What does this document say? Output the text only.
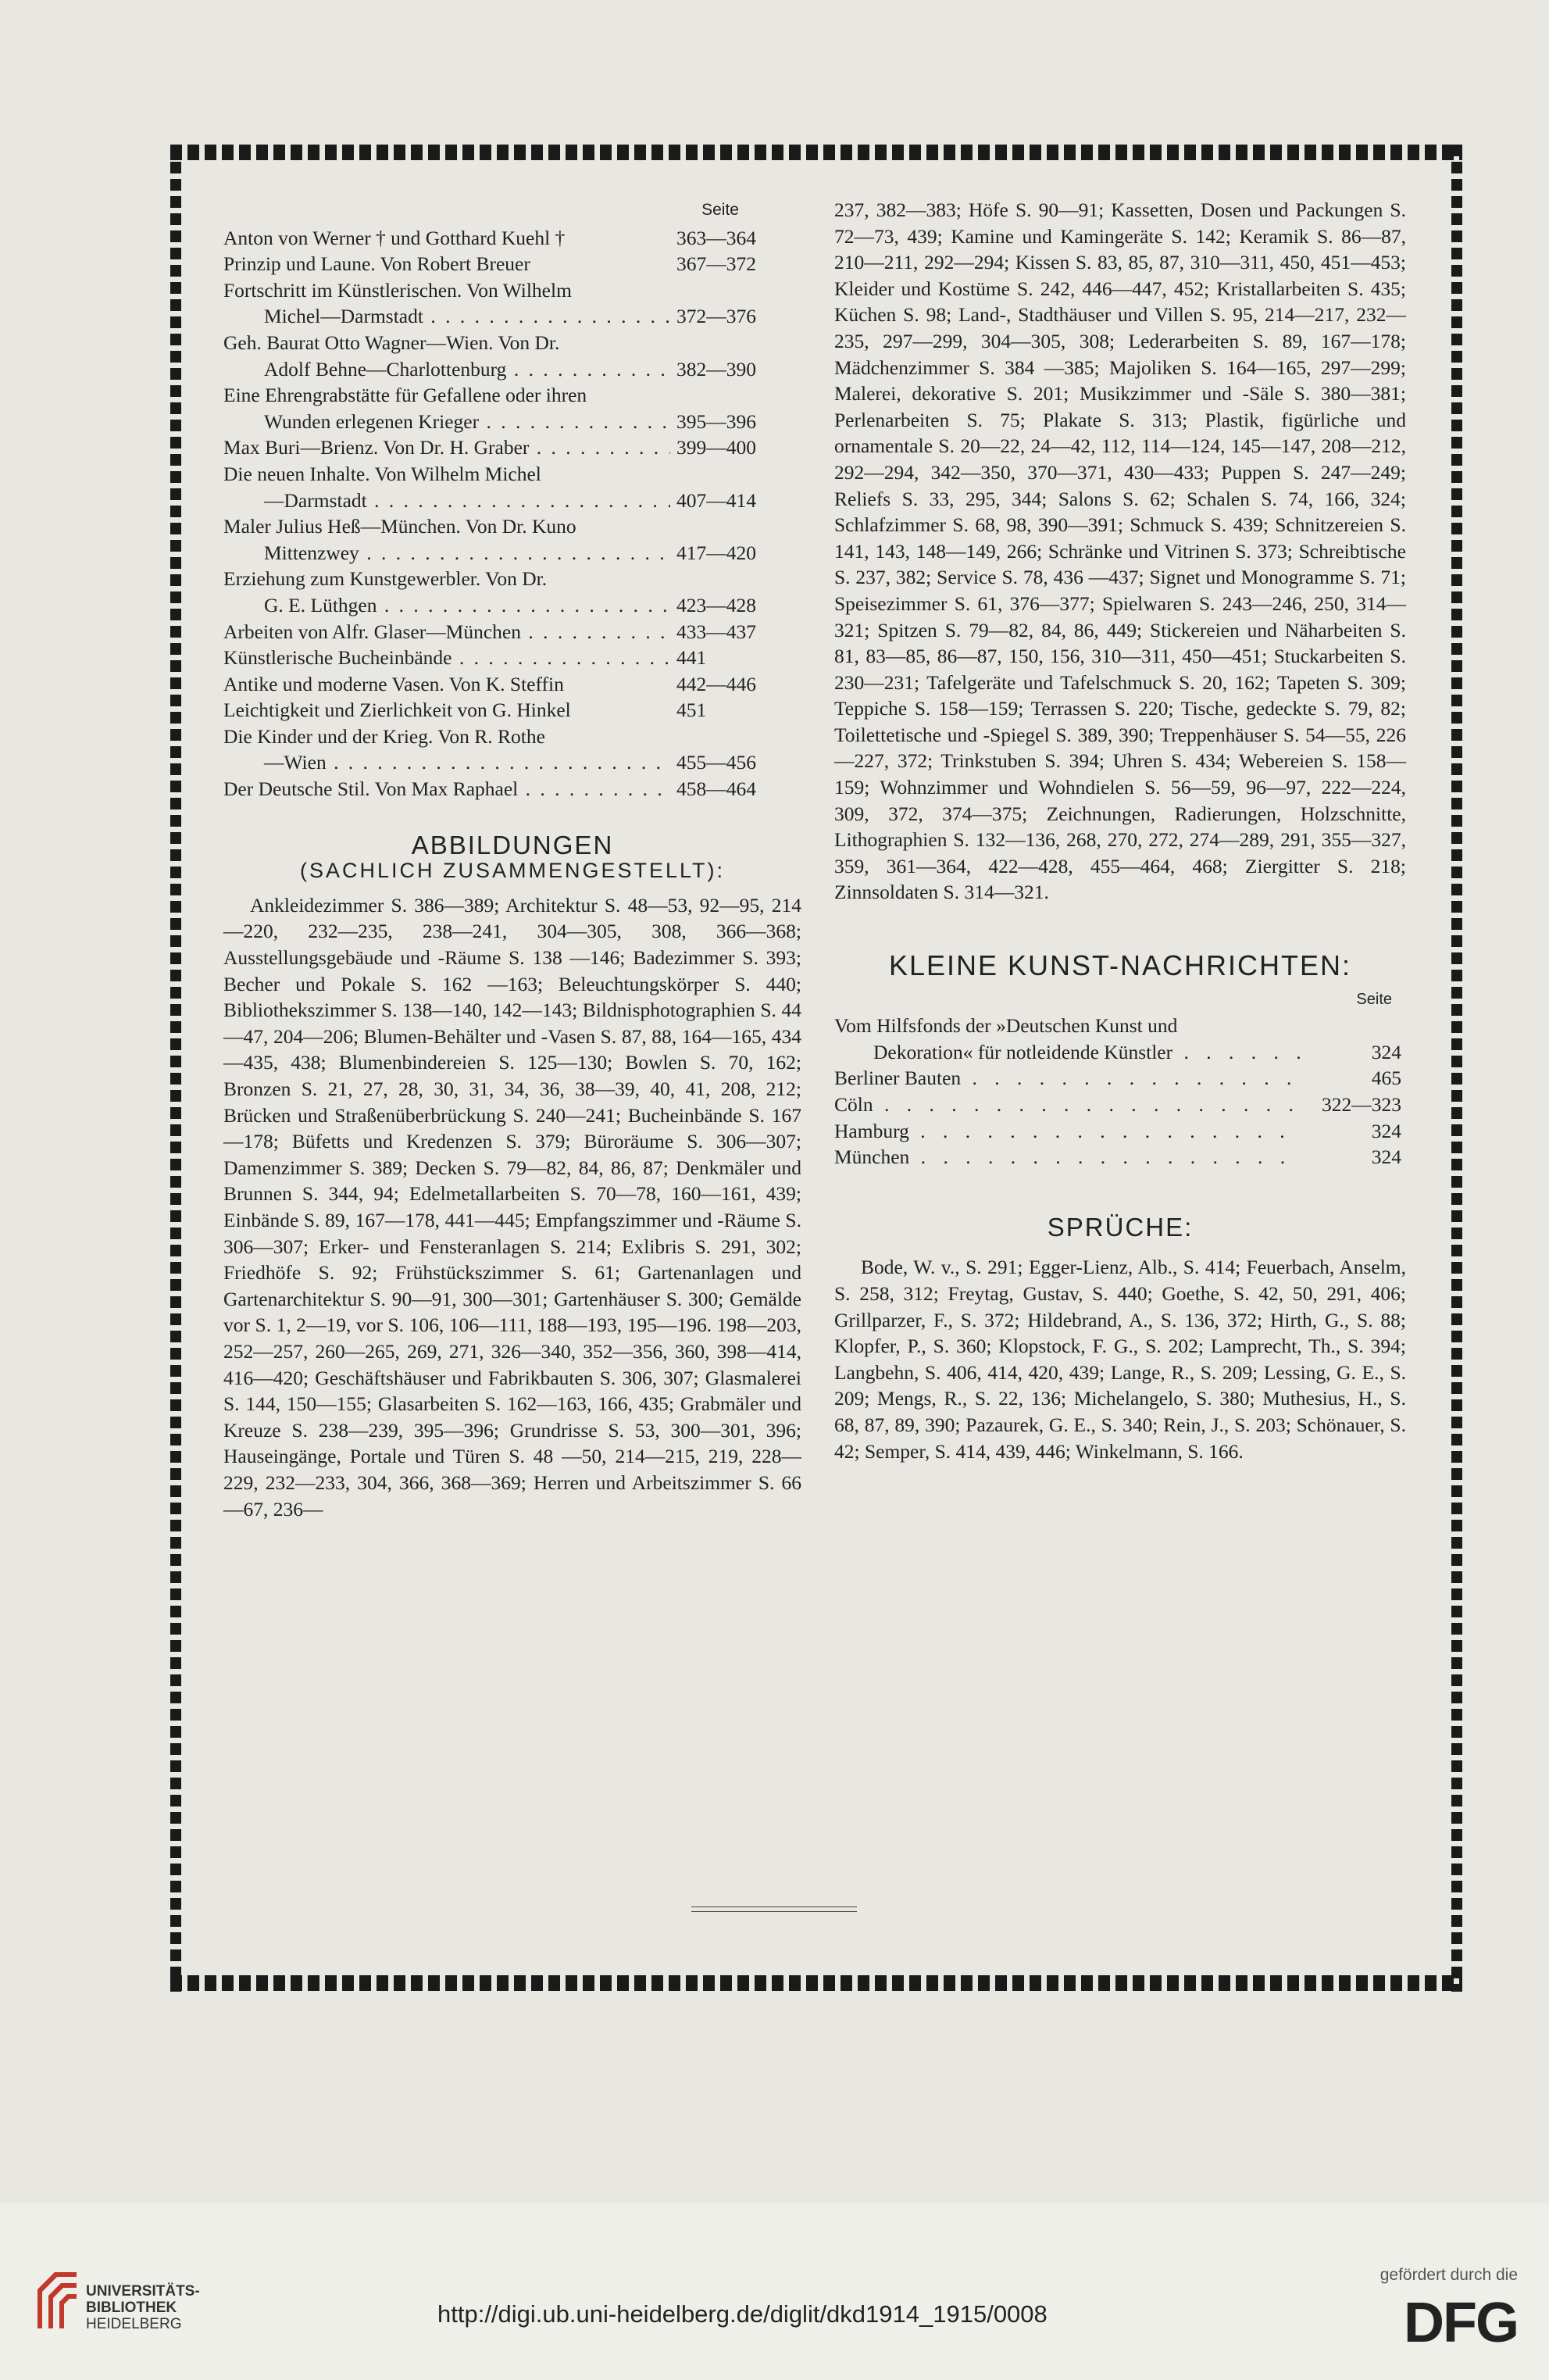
Seite
Anton von Werner † und Gotthard Kuehl †	363—364
Prinzip und Laune. Von Robert Breuer	367—372
Fortschritt im Künstlerischen. Von Wilhelm
Michel—Darmstadt . . .	372—376
Geh. Baurat Otto Wagner—Wien. Von Dr.
Adolf Behne—Charlottenburg . . .	382—390
Eine Ehrengrabstätte für Gefallene oder ihren
Wunden erlegenen Krieger . . .	395—396
Max Buri—Brienz. Von Dr. H. Graber . . .	399—400
Die neuen Inhalte. Von Wilhelm Michel
—Darmstadt . . .	407—414
Maler Julius Heß—München. Von Dr. Kuno
Mittenzwey . . .	417—420
Erziehung zum Kunstgewerbler. Von Dr.
G. E. Lüthgen . . .	423—428
Arbeiten von Alfr. Glaser—München . . .	433—437
Künstlerische Bucheinbände . . .	441
Antike und moderne Vasen. Von K. Steffin	442—446
Leichtigkeit und Zierlichkeit von G. Hinkel	451
Die Kinder und der Krieg. Von R. Rothe
—Wien . . .	455—456
Der Deutsche Stil. Von Max Raphael . . .	458—464
ABBILDUNGEN
(SACHLICH ZUSAMMENGESTELLT):

Ankleidezimmer S. 386—389; Architektur S. 48—53, 92—95, 214—220, 232—235, 238—241, 304—305, 308, 366—368; Ausstellungsgebäude und -Räume S. 138 —146; Badezimmer S. 393; Becher und Pokale S. 162 —163; Beleuchtungskörper S. 440; Bibliothekszimmer S. 138—140, 142—143; Bildnisphotographien S. 44—47, 204—206; Blumen-Behälter und -Vasen S. 87, 88, 164—165, 434—435, 438; Blumenbindereien S. 125—130; Bowlen S. 70, 162; Bronzen S. 21, 27, 28, 30, 31, 34, 36, 38—39, 40, 41, 208, 212; Brücken und Straßenüberbrückung S. 240—241; Bucheinbände S. 167 —178; Büfetts und Kredenzen S. 379; Büroräume S. 306—307; Damenzimmer S. 389; Decken S. 79—82, 84, 86, 87; Denkmäler und Brunnen S. 344, 94; Edelmetallarbeiten S. 70—78, 160—161, 439; Einbände S. 89, 167—178, 441—445; Empfangszimmer und -Räume S. 306—307; Erker- und Fensteranlagen S. 214; Exlibris S. 291, 302; Friedhöfe S. 92; Frühstückszimmer S. 61; Gartenanlagen und Gartenarchitektur S. 90—91, 300—301; Gartenhäuser S. 300; Gemälde vor S. 1, 2—19, vor S. 106, 106—111, 188—193, 195—196. 198—203, 252—257, 260—265, 269, 271, 326—340, 352—356, 360, 398—414, 416—420; Geschäftshäuser und Fabrikbauten S. 306, 307; Glasmalerei S. 144, 150—155; Glasarbeiten S. 162—163, 166, 435; Grabmäler und Kreuze S. 238—239, 395—396; Grundrisse S. 53, 300—301, 396; Hauseingänge, Portale und Türen S. 48 —50, 214—215, 219, 228—229, 232—233, 304, 366, 368—369; Herren und Arbeitszimmer S. 66—67, 236—

237, 382—383; Höfe S. 90—91; Kassetten, Dosen und Packungen S. 72—73, 439; Kamine und Kamingeräte S. 142; Keramik S. 86—87, 210—211, 292—294; Kissen S. 83, 85, 87, 310—311, 450, 451—453; Kleider und Kostüme S. 242, 446—447, 452; Kristallarbeiten S. 435; Küchen S. 98; Land-, Stadthäuser und Villen S. 95, 214—217, 232—235, 297—299, 304—305, 308; Lederarbeiten S. 89, 167—178; Mädchenzimmer S. 384 —385; Majoliken S. 164—165, 297—299; Malerei, dekorative S. 201; Musikzimmer und -Säle S. 380—381; Perlenarbeiten S. 75; Plakate S. 313; Plastik, figürliche und ornamentale S. 20—22, 24—42, 112, 114—124, 145—147, 208—212, 292—294, 342—350, 370—371, 430—433; Puppen S. 247—249; Reliefs S. 33, 295, 344; Salons S. 62; Schalen S. 74, 166, 324; Schlafzimmer S. 68, 98, 390—391; Schmuck S. 439; Schnitzereien S. 141, 143, 148—149, 266; Schränke und Vitrinen S. 373; Schreibtische S. 237, 382; Service S. 78, 436 —437; Signet und Monogramme S. 71; Speisezimmer S. 61, 376—377; Spielwaren S. 243—246, 250, 314—321; Spitzen S. 79—82, 84, 86, 449; Stickereien und Näharbeiten S. 81, 83—85, 86—87, 150, 156, 310—311, 450—451; Stuckarbeiten S. 230—231; Tafelgeräte und Tafelschmuck S. 20, 162; Tapeten S. 309; Teppiche S. 158—159; Terrassen S. 220; Tische, gedeckte S. 79, 82; Toilettetische und -Spiegel S. 389, 390; Treppenhäuser S. 54—55, 226—227, 372; Trinkstuben S. 394; Uhren S. 434; Webereien S. 158—159; Wohnzimmer und Wohndielen S. 56—59, 96—97, 222—224, 309, 372, 374—375; Zeichnungen, Radierungen, Holzschnitte, Lithographien S. 132—136, 268, 270, 272, 274—289, 291, 355—327, 359, 361—364, 422—428, 455—464, 468; Ziergitter S. 218; Zinnsoldaten S. 314—321.

KLEINE KUNST-NACHRICHTEN:
Seite
Vom Hilfsfonds der »Deutschen Kunst und
Dekoration« für notleidende Künstler . . .	324
Berliner Bauten . . .	465
Cöln . . .	322—323
Hamburg . . .	324
München . . .	324
SPRÜCHE:

Bode, W. v., S. 291; Egger-Lienz, Alb., S. 414; Feuerbach, Anselm, S. 258, 312; Freytag, Gustav, S. 440; Goethe, S. 42, 50, 291, 406; Grillparzer, F., S. 372; Hildebrand, A., S. 136, 372; Hirth, G., S. 88; Klopfer, P., S. 360; Klopstock, F. G., S. 202; Lamprecht, Th., S. 394; Langbehn, S. 406, 414, 420, 439; Lange, R., S. 209; Lessing, G. E., S. 209; Mengs, R., S. 22, 136; Michelangelo, S. 380; Muthesius, H., S. 68, 87, 89, 390; Pazaurek, G. E., S. 340; Rein, J., S. 203; Schönauer, S. 42; Semper, S. 414, 439, 446; Winkelmann, S. 166.

UNIVERSITÄTS-
BIBLIOTHEK
HEIDELBERG	http://digi.ub.uni-heidelberg.de/diglit/dkd1914_1915/0008
gefördert durch die
DFG
